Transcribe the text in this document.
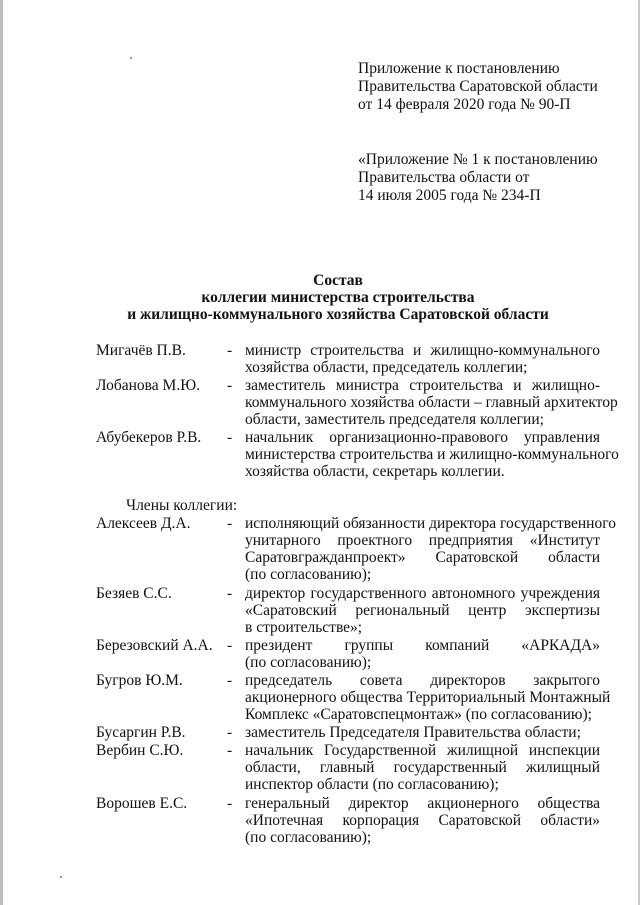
Приложение к постановлению
Правительства Саратовской области
от 14 февраля 2020 года № 90-П
«Приложение № 1 к постановлению
Правительства области от
14 июля 2005 года № 234-П
Состав
коллегии министерства строительства
и жилищно-коммунального хозяйства Саратовской области
Мигачёв П.В.	- министр строительства и жилищно-коммунального
хозяйства области, председатель коллегии;
Лобанова М.Ю. - заместитель министра строительства и жилищно-
коммунального хозяйства области – главный архитектор
области, заместитель председателя коллегии;
Абубекеров Р.В. - начальник организационно-правового управления
министерства строительства и жилищно-коммунального
хозяйства области, секретарь коллегии.
Члены коллегии:
Алексеев Д.А. - исполняющий обязанности директора государственного
унитарного проектного предприятия «Институт
Саратовгражданпроект» Саратовской области
(по согласованию);
Безяев С.С.	- директор государственного автономного учреждения
«Саратовский региональный центр экспертизы
в строительстве»;
Березовский А.А. - президент группы компаний «АРКАДА»
(по согласованию);
Бугров Ю.М.	- председатель совета директоров закрытого
акционерного общества Территориальный Монтажный
Комплекс «Саратовспецмонтаж» (по согласованию);
Бусаргин Р.В.	- заместитель Председателя Правительства области;
Вербин С.Ю.	- начальник Государственной жилищной инспекции
области, главный государственный жилищный
инспектор области (по согласованию);
Ворошев Е.С.	- генеральный директор акционерного общества
«Ипотечная корпорация Саратовской области»
(по согласованию);
